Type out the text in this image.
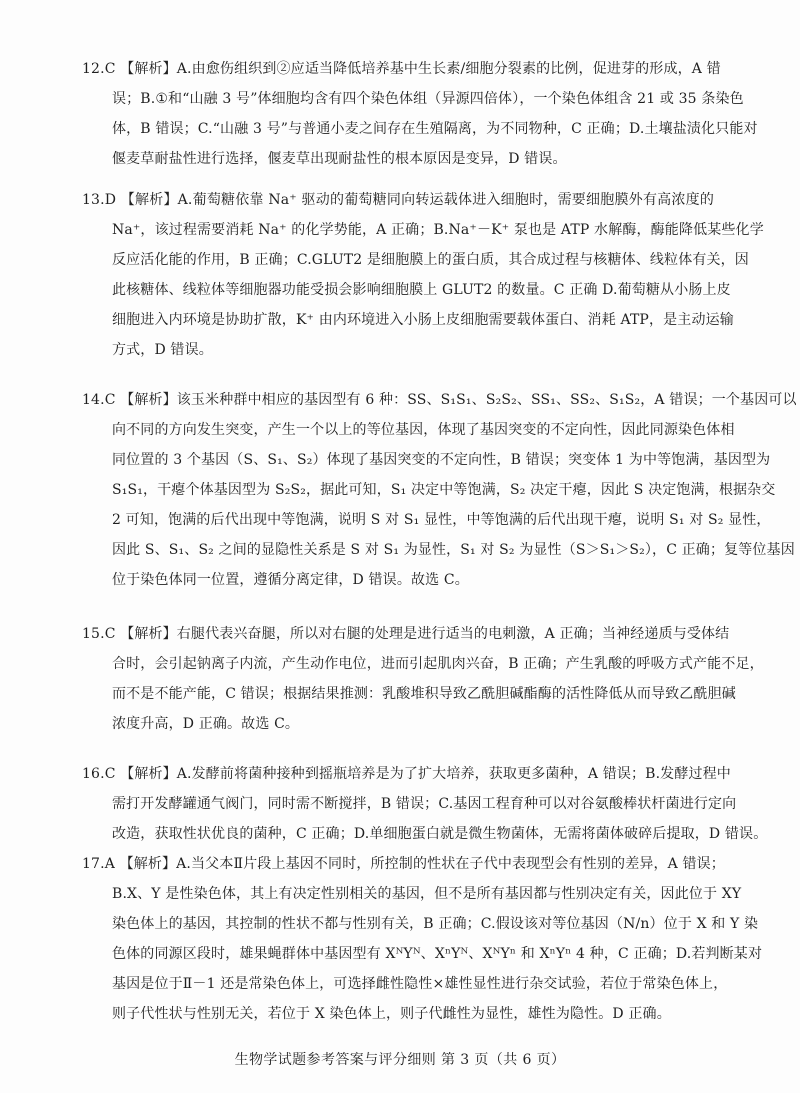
12.C 【解析】A.由愈伤组织到②应适当降低培养基中生长素/细胞分裂素的比例，促进芽的形成，A 错
误；B.①和“山融 3 号”体细胞均含有四个染色体组（异源四倍体），一个染色体组含 21 或 35 条染色
体，B 错误；C.“山融 3 号”与普通小麦之间存在生殖隔离，为不同物种，C 正确；D.土壤盐渍化只能对
偃麦草耐盐性进行选择，偃麦草出现耐盐性的根本原因是变异，D 错误。
13.D 【解析】A.葡萄糖依靠 Na⁺ 驱动的葡萄糖同向转运载体进入细胞时，需要细胞膜外有高浓度的
Na⁺，该过程需要消耗 Na⁺ 的化学势能，A 正确；B.Na⁺－K⁺ 泵也是 ATP 水解酶，酶能降低某些化学
反应活化能的作用，B 正确；C.GLUT2 是细胞膜上的蛋白质，其合成过程与核糖体、线粒体有关，因
此核糖体、线粒体等细胞器功能受损会影响细胞膜上 GLUT2 的数量。C 正确 D.葡萄糖从小肠上皮
细胞进入内环境是协助扩散，K⁺ 由内环境进入小肠上皮细胞需要载体蛋白、消耗 ATP，是主动运输
方式，D 错误。
14.C 【解析】该玉米种群中相应的基因型有 6 种：SS、S₁S₁、S₂S₂、SS₁、SS₂、S₁S₂，A 错误；一个基因可以
向不同的方向发生突变，产生一个以上的等位基因，体现了基因突变的不定向性，因此同源染色体相
同位置的 3 个基因（S、S₁、S₂）体现了基因突变的不定向性，B 错误；突变体 1 为中等饱满，基因型为
S₁S₁，干瘪个体基因型为 S₂S₂，据此可知，S₁ 决定中等饱满，S₂ 决定干瘪，因此 S 决定饱满，根据杂交
2 可知，饱满的后代出现中等饱满，说明 S 对 S₁ 显性，中等饱满的后代出现干瘪，说明 S₁ 对 S₂ 显性，
因此 S、S₁、S₂ 之间的显隐性关系是 S 对 S₁ 为显性，S₁ 对 S₂ 为显性（S＞S₁＞S₂），C 正确；复等位基因
位于染色体同一位置，遵循分离定律，D 错误。故选 C。
15.C 【解析】右腿代表兴奋腿，所以对右腿的处理是进行适当的电刺激，A 正确；当神经递质与受体结
合时，会引起钠离子内流，产生动作电位，进而引起肌肉兴奋，B 正确；产生乳酸的呼吸方式产能不足，
而不是不能产能，C 错误；根据结果推测：乳酸堆积导致乙酰胆碱酯酶的活性降低从而导致乙酰胆碱
浓度升高，D 正确。故选 C。
16.C 【解析】A.发酵前将菌种接种到摇瓶培养是为了扩大培养，获取更多菌种，A 错误；B.发酵过程中
需打开发酵罐通气阀门，同时需不断搅拌，B 错误；C.基因工程育种可以对谷氨酸棒状杆菌进行定向
改造，获取性状优良的菌种，C 正确；D.单细胞蛋白就是微生物菌体，无需将菌体破碎后提取，D 错误。
17.A 【解析】A.当父本Ⅱ片段上基因不同时，所控制的性状在子代中表现型会有性别的差异，A 错误；
B.X、Y 是性染色体，其上有决定性别相关的基因，但不是所有基因都与性别决定有关，因此位于 XY
染色体上的基因，其控制的性状不都与性别有关，B 正确；C.假设该对等位基因（N/n）位于 X 和 Y 染
色体的同源区段时，雄果蝇群体中基因型有 XᴺYᴺ、XⁿYᴺ、XᴺYⁿ 和 XⁿYⁿ 4 种，C 正确；D.若判断某对
基因是位于Ⅱ－1 还是常染色体上，可选择雌性隐性×雄性显性进行杂交试验，若位于常染色体上，
则子代性状与性别无关，若位于 X 染色体上，则子代雌性为显性，雄性为隐性。D 正确。
生物学试题参考答案与评分细则 第 3 页（共 6 页）
